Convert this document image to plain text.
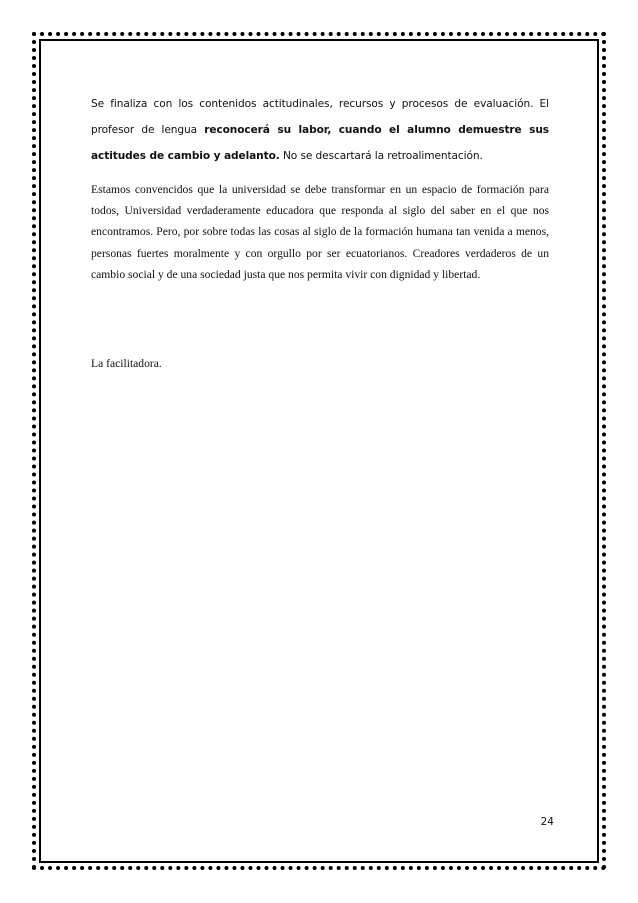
Se finaliza con los contenidos actitudinales, recursos y procesos de evaluación. El profesor de lengua reconocerá su labor, cuando el alumno demuestre sus actitudes de cambio y adelanto. No se descartará la retroalimentación.

Estamos convencidos que la universidad se debe transformar en un espacio de formación para todos, Universidad verdaderamente educadora que responda al siglo del saber en el que nos encontramos. Pero, por sobre todas las cosas al siglo de la formación humana tan venida a menos, personas fuertes moralmente y con orgullo por ser ecuatorianos. Creadores verdaderos de un cambio social y de una sociedad justa que nos permita vivir con dignidad y libertad.

La facilitadora.

24
